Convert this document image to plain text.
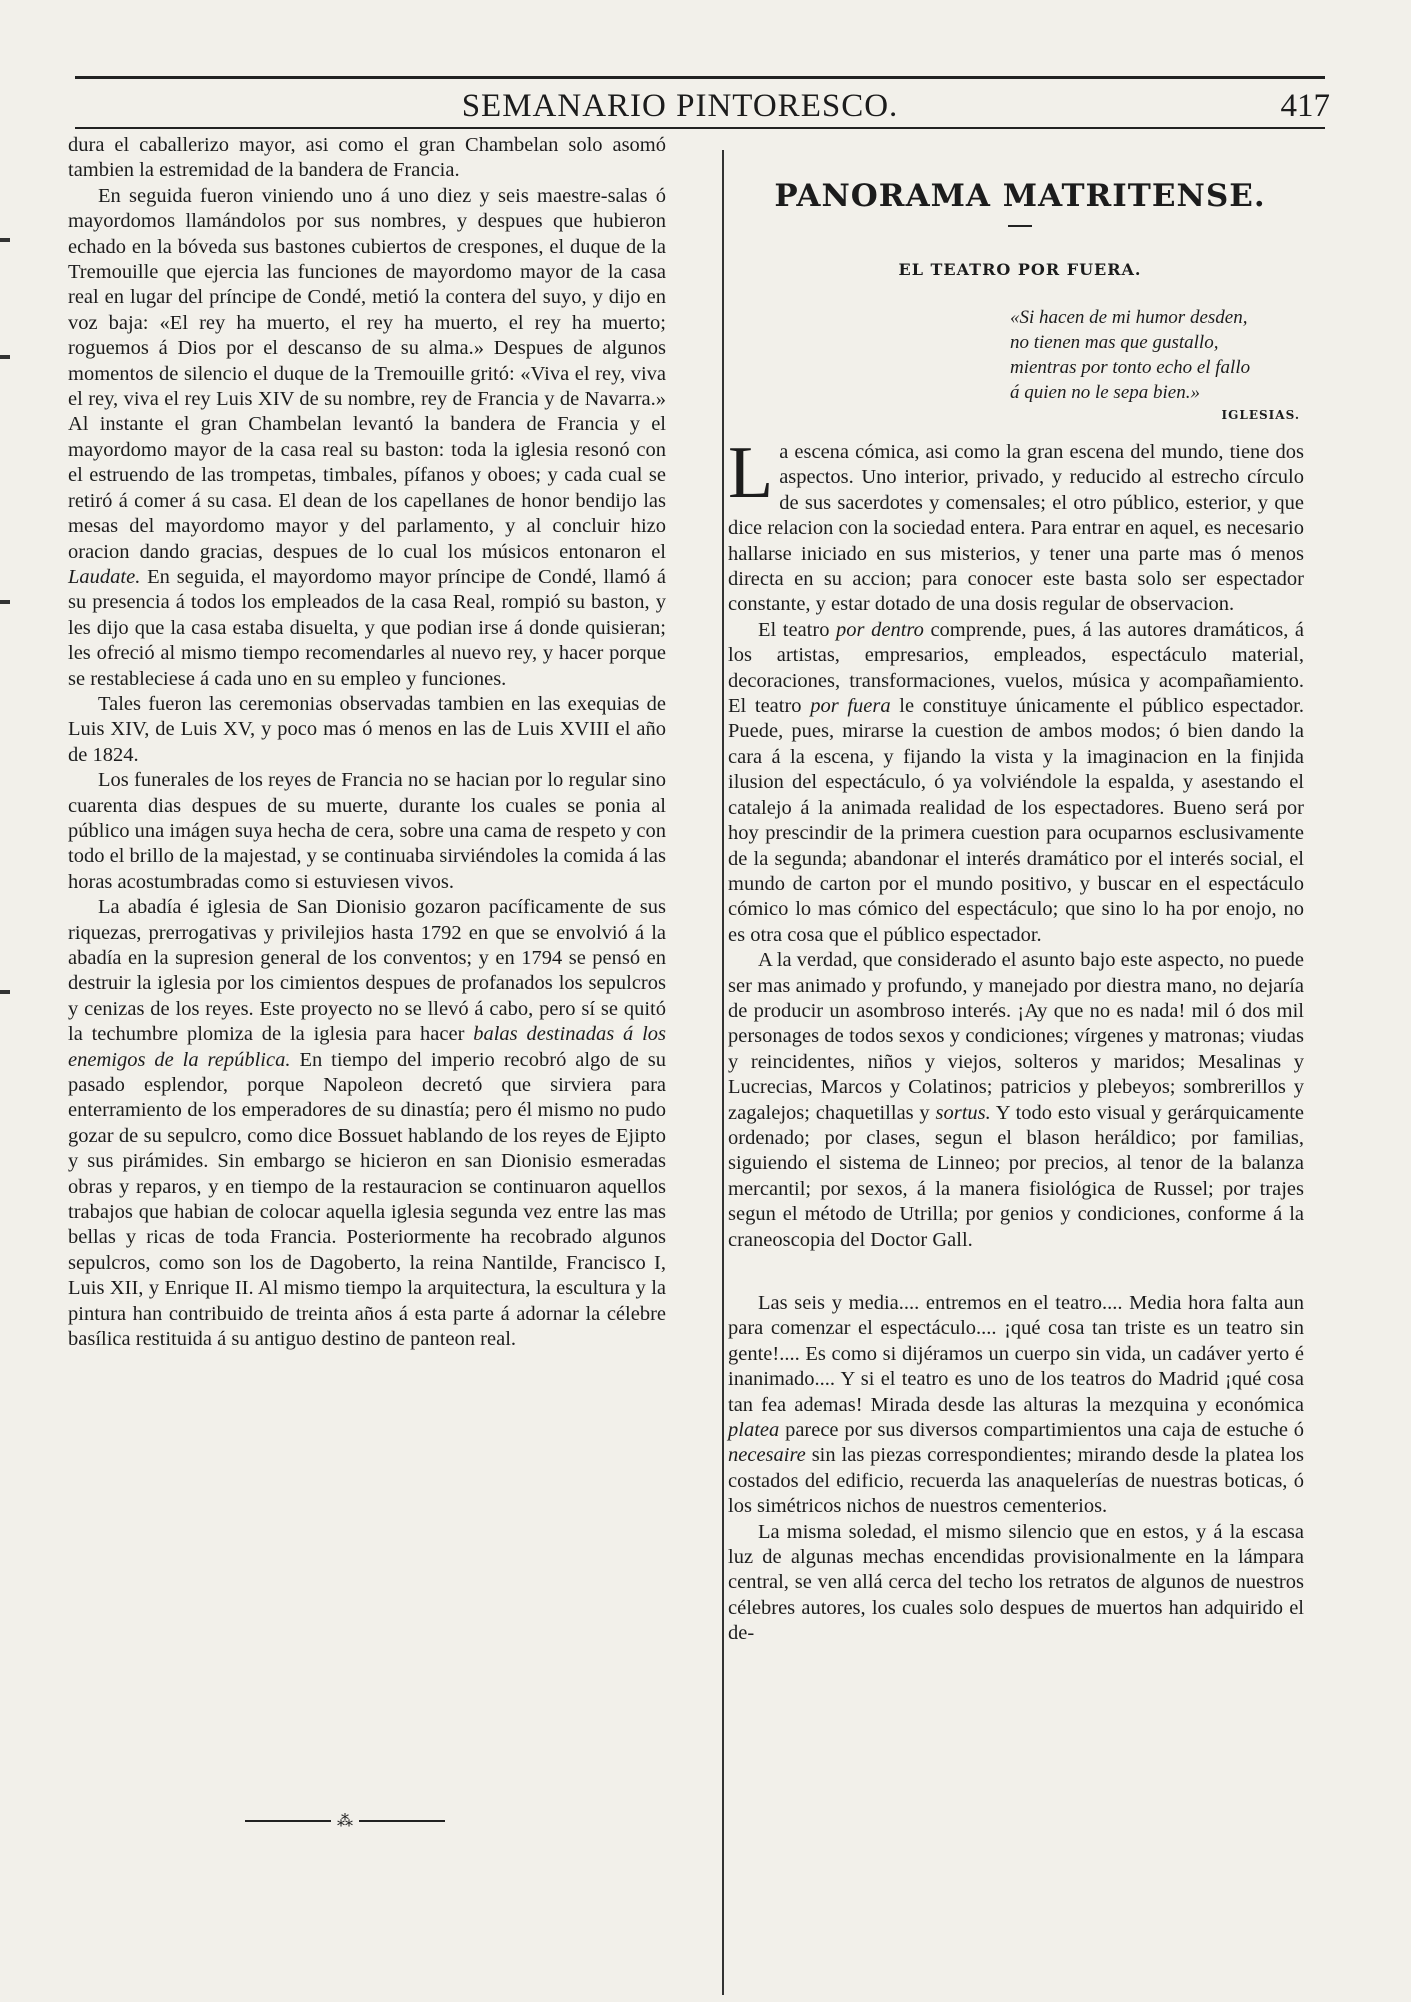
SEMANARIO PINTORESCO.	417

dura el caballerizo mayor, asi como el gran Chambelan solo asomó tambien la estremidad de la bandera de Francia.

En seguida fueron viniendo uno á uno diez y seis maestre-salas ó mayordomos llamándolos por sus nombres, y despues que hubieron echado en la bóveda sus bastones cubiertos de crespones, el duque de la Tremouille que ejercia las funciones de mayordomo mayor de la casa real en lugar del príncipe de Condé, metió la contera del suyo, y dijo en voz baja: «El rey ha muerto, el rey ha muerto, el rey ha muerto; roguemos á Dios por el descanso de su alma.» Despues de algunos momentos de silencio el duque de la Tremouille gritó: «Viva el rey, viva el rey, viva el rey Luis XIV de su nombre, rey de Francia y de Navarra.» Al instante el gran Chambelan levantó la bandera de Francia y el mayordomo mayor de la casa real su baston: toda la iglesia resonó con el estruendo de las trompetas, timbales, pífanos y oboes; y cada cual se retiró á comer á su casa. El dean de los capellanes de honor bendijo las mesas del mayordomo mayor y del parlamento, y al concluir hizo oracion dando gracias, despues de lo cual los músicos entonaron el Laudate. En seguida, el mayordomo mayor príncipe de Condé, llamó á su presencia á todos los empleados de la casa Real, rompió su baston, y les dijo que la casa estaba disuelta, y que podian irse á donde quisieran; les ofreció al mismo tiempo recomendarles al nuevo rey, y hacer porque se restableciese á cada uno en su empleo y funciones.

Tales fueron las ceremonias observadas tambien en las exequias de Luis XIV, de Luis XV, y poco mas ó menos en las de Luis XVIII el año de 1824.

Los funerales de los reyes de Francia no se hacian por lo regular sino cuarenta dias despues de su muerte, durante los cuales se ponia al público una imágen suya hecha de cera, sobre una cama de respeto y con todo el brillo de la majestad, y se continuaba sirviéndoles la comida á las horas acostumbradas como si estuviesen vivos.

La abadía é iglesia de San Dionisio gozaron pacíficamente de sus riquezas, prerrogativas y privilejios hasta 1792 en que se envolvió á la abadía en la supresion general de los conventos; y en 1794 se pensó en destruir la iglesia por los cimientos despues de profanados los sepulcros y cenizas de los reyes. Este proyecto no se llevó á cabo, pero sí se quitó la techumbre plomiza de la iglesia para hacer balas destinadas á los enemigos de la república. En tiempo del imperio recobró algo de su pasado esplendor, porque Napoleon decretó que sirviera para enterramiento de los emperadores de su dinastía; pero él mismo no pudo gozar de su sepulcro, como dice Bossuet hablando de los reyes de Ejipto y sus pirámides. Sin embargo se hicieron en san Dionisio esmeradas obras y reparos, y en tiempo de la restauracion se continuaron aquellos trabajos que habian de colocar aquella iglesia segunda vez entre las mas bellas y ricas de toda Francia. Posteriormente ha recobrado algunos sepulcros, como son los de Dagoberto, la reina Nantilde, Francisco I, Luis XII, y Enrique II. Al mismo tiempo la arquitectura, la escultura y la pintura han contribuido de treinta años á esta parte á adornar la célebre basílica restituida á su antiguo destino de panteon real.

⁂
PANORAMA MATRITENSE.
EL TEATRO POR FUERA.
«Si hacen de mi humor desden,
no tienen mas que gustallo,
mientras por tonto echo el fallo
á quien no le sepa bien.»
IGLESIAS.

La escena cómica, asi como la gran escena del mundo, tiene dos aspectos. Uno interior, privado, y reducido al estrecho círculo de sus sacerdotes y comensales; el otro público, esterior, y que dice relacion con la sociedad entera. Para entrar en aquel, es necesario hallarse iniciado en sus misterios, y tener una parte mas ó menos directa en su accion; para conocer este basta solo ser espectador constante, y estar dotado de una dosis regular de observacion.

El teatro por dentro comprende, pues, á las autores dramáticos, á los artistas, empresarios, empleados, espectáculo material, decoraciones, transformaciones, vuelos, música y acompañamiento. El teatro por fuera le constituye únicamente el público espectador. Puede, pues, mirarse la cuestion de ambos modos; ó bien dando la cara á la escena, y fijando la vista y la imaginacion en la finjida ilusion del espectáculo, ó ya volviéndole la espalda, y asestando el catalejo á la animada realidad de los espectadores. Bueno será por hoy prescindir de la primera cuestion para ocuparnos esclusivamente de la segunda; abandonar el interés dramático por el interés social, el mundo de carton por el mundo positivo, y buscar en el espectáculo cómico lo mas cómico del espectáculo; que sino lo ha por enojo, no es otra cosa que el público espectador.

A la verdad, que considerado el asunto bajo este aspecto, no puede ser mas animado y profundo, y manejado por diestra mano, no dejaría de producir un asombroso interés. ¡Ay que no es nada! mil ó dos mil personages de todos sexos y condiciones; vírgenes y matronas; viudas y reincidentes, niños y viejos, solteros y maridos; Mesalinas y Lucrecias, Marcos y Colatinos; patricios y plebeyos; sombrerillos y zagalejos; chaquetillas y sortus. Y todo esto visual y gerárquicamente ordenado; por clases, segun el blason heráldico; por familias, siguiendo el sistema de Linneo; por precios, al tenor de la balanza mercantil; por sexos, á la manera fisiológica de Russel; por trajes segun el método de Utrilla; por genios y condiciones, conforme á la craneoscopia del Doctor Gall.

Las seis y media.... entremos en el teatro.... Media hora falta aun para comenzar el espectáculo.... ¡qué cosa tan triste es un teatro sin gente!.... Es como si dijéramos un cuerpo sin vida, un cadáver yerto é inanimado.... Y si el teatro es uno de los teatros do Madrid ¡qué cosa tan fea ademas! Mirada desde las alturas la mezquina y económica platea parece por sus diversos compartimientos una caja de estuche ó necesaire sin las piezas correspondientes; mirando desde la platea los costados del edificio, recuerda las anaquelerías de nuestras boticas, ó los simétricos nichos de nuestros cementerios.

La misma soledad, el mismo silencio que en estos, y á la escasa luz de algunas mechas encendidas provisionalmente en la lámpara central, se ven allá cerca del techo los retratos de algunos de nuestros célebres autores, los cuales solo despues de muertos han adquirido el de-
